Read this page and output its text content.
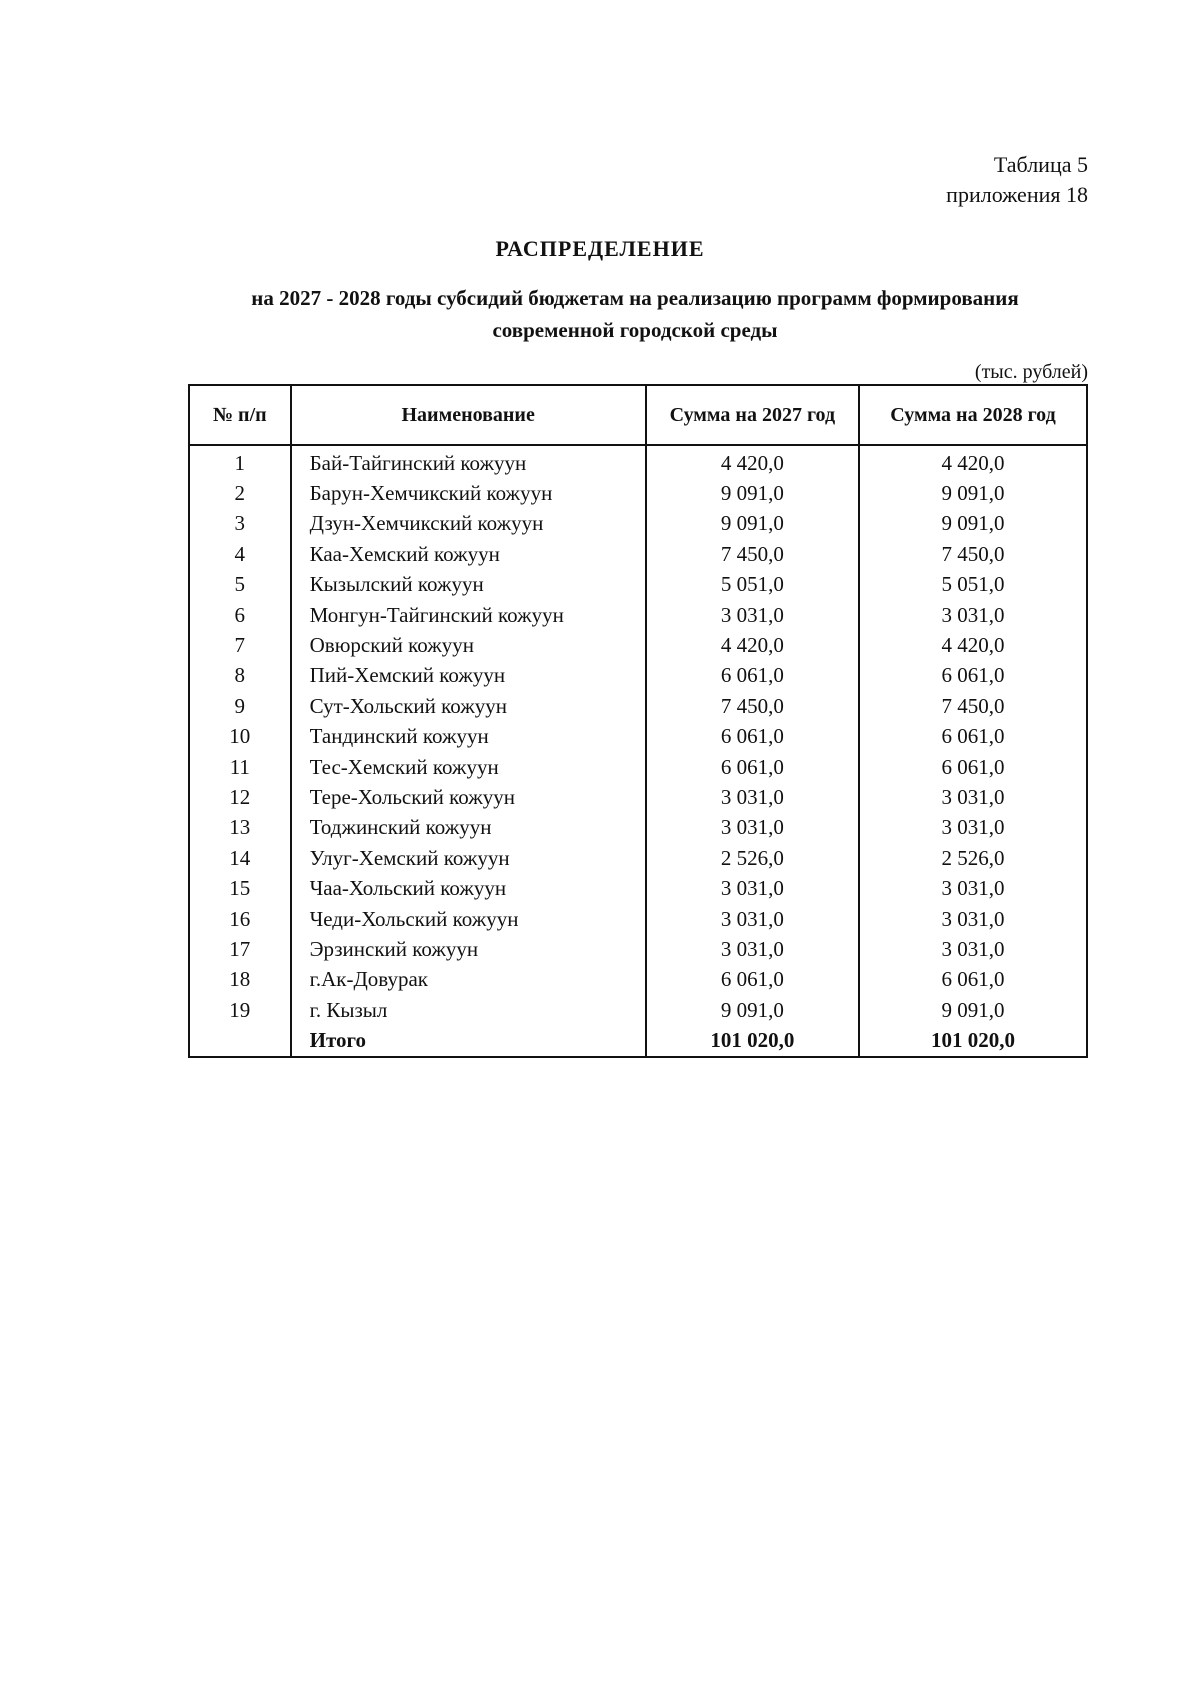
Таблица 5
приложения 18
РАСПРЕДЕЛЕНИЕ
на 2027 - 2028 годы субсидий бюджетам на реализацию программ формирования
современной городской среды
(тыс. рублей)
№ п/п	Наименование	Сумма на 2027 год	Сумма на 2028 год
1	Бай-Тайгинский кожуун	4 420,0	4 420,0
2	Барун-Хемчикский кожуун	9 091,0	9 091,0
3	Дзун-Хемчикский кожуун	9 091,0	9 091,0
4	Каа-Хемский кожуун	7 450,0	7 450,0
5	Кызылский кожуун	5 051,0	5 051,0
6	Монгун-Тайгинский кожуун	3 031,0	3 031,0
7	Овюрский кожуун	4 420,0	4 420,0
8	Пий-Хемский кожуун	6 061,0	6 061,0
9	Сут-Хольский кожуун	7 450,0	7 450,0
10	Тандинский кожуун	6 061,0	6 061,0
11	Тес-Хемский кожуун	6 061,0	6 061,0
12	Тере-Хольский кожуун	3 031,0	3 031,0
13	Тоджинский кожуун	3 031,0	3 031,0
14	Улуг-Хемский кожуун	2 526,0	2 526,0
15	Чаа-Хольский кожуун	3 031,0	3 031,0
16	Чеди-Хольский кожуун	3 031,0	3 031,0
17	Эрзинский кожуун	3 031,0	3 031,0
18	г.Ак-Довурак	6 061,0	6 061,0
19	г. Кызыл	9 091,0	9 091,0
	Итого	101 020,0	101 020,0
